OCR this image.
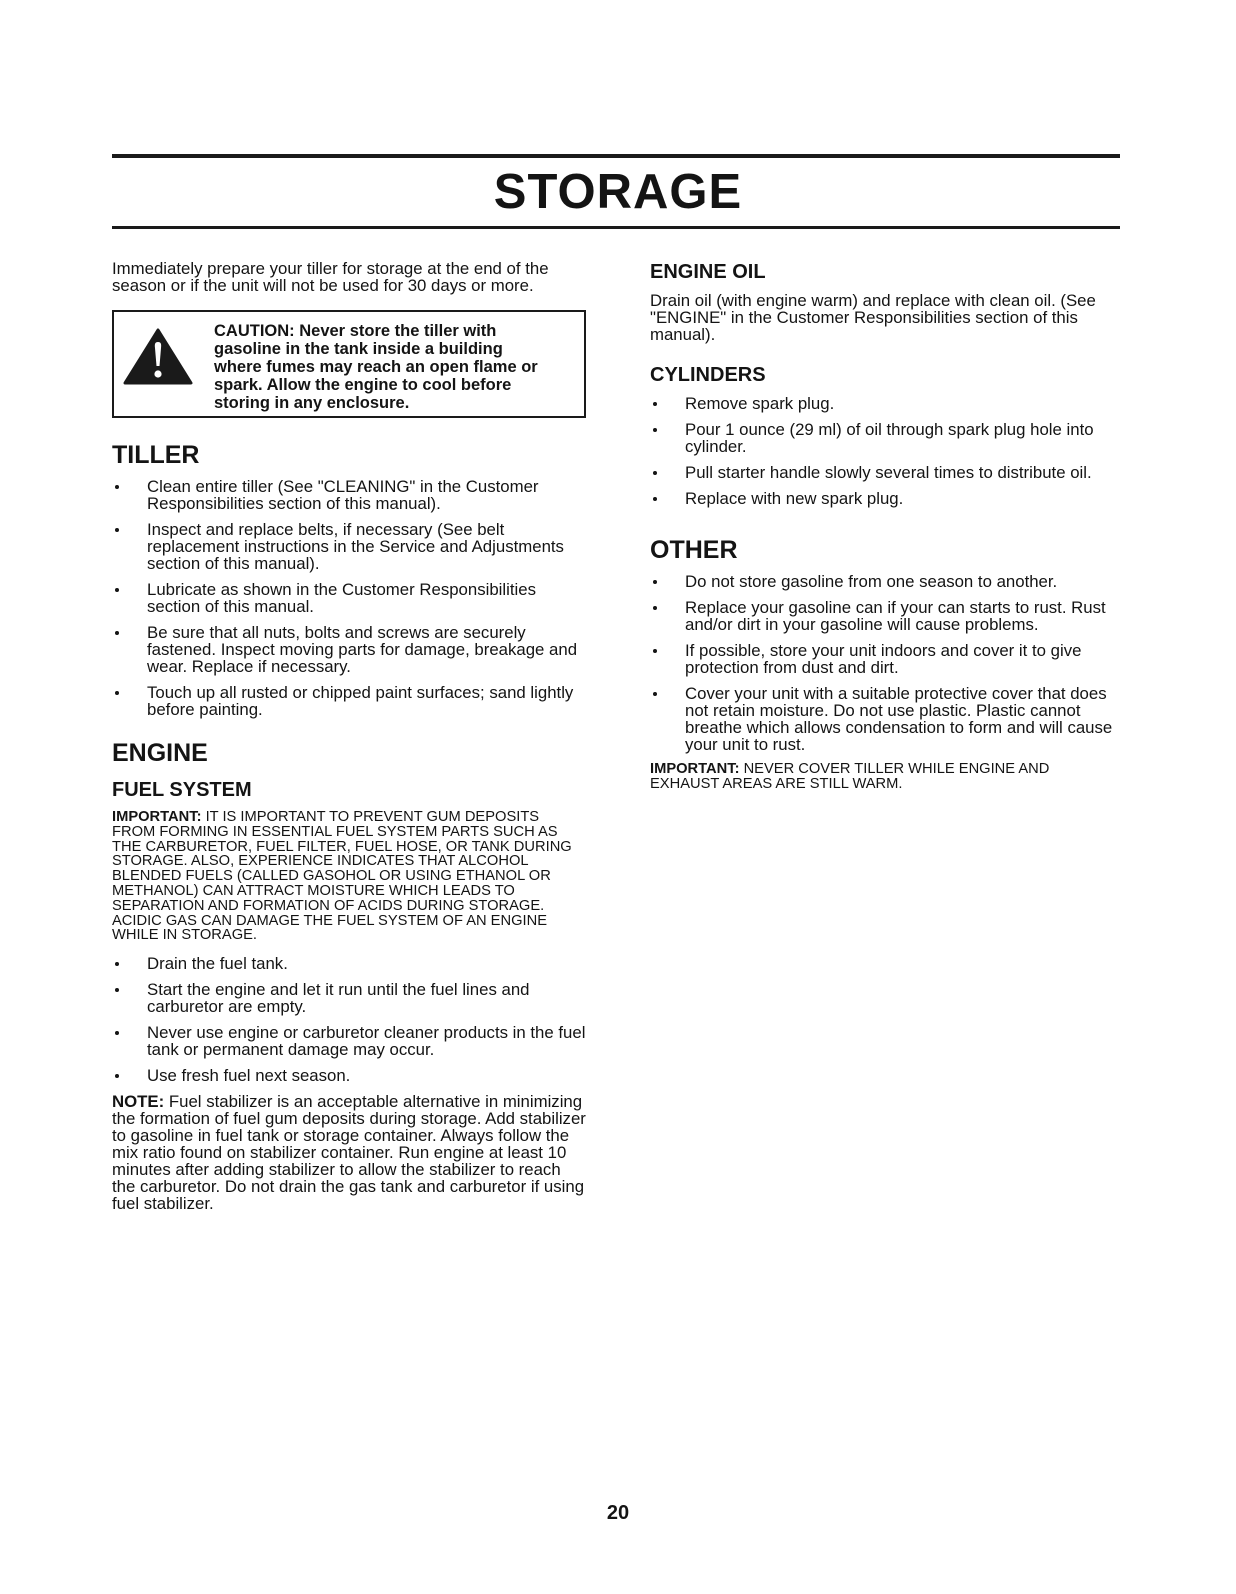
STORAGE

Immediately prepare your tiller for storage at the end of the season or if the unit will not be used for 30 days or more.

CAUTION: Never store the tiller with gasoline in the tank inside a building where fumes may reach an open flame or spark. Allow the engine to cool before storing in any enclosure.
TILLER
Clean entire tiller (See "CLEANING" in the Customer Responsibilities section of this manual).
Inspect and replace belts, if necessary (See belt replacement instructions in the Service and Adjustments section of this manual).
Lubricate as shown in the Customer Responsibilities section of this manual.
Be sure that all nuts, bolts and screws are securely fastened. Inspect moving parts for damage, breakage and wear. Replace if necessary.
Touch up all rusted or chipped paint surfaces; sand lightly before painting.
ENGINE
FUEL SYSTEM

IMPORTANT: IT IS IMPORTANT TO PREVENT GUM DEPOSITS FROM FORMING IN ESSENTIAL FUEL SYSTEM PARTS SUCH AS THE CARBURETOR, FUEL FILTER, FUEL HOSE, OR TANK DURING STORAGE. ALSO, EXPERIENCE INDICATES THAT ALCOHOL BLENDED FUELS (CALLED GASOHOL OR USING ETHANOL OR METHANOL) CAN ATTRACT MOISTURE WHICH LEADS TO SEPARATION AND FORMATION OF ACIDS DURING STORAGE. ACIDIC GAS CAN DAMAGE THE FUEL SYSTEM OF AN ENGINE WHILE IN STORAGE.

Drain the fuel tank.
Start the engine and let it run until the fuel lines and carburetor are empty.
Never use engine or carburetor cleaner products in the fuel tank or permanent damage may occur.
Use fresh fuel next season.

NOTE: Fuel stabilizer is an acceptable alternative in minimizing the formation of fuel gum deposits during storage. Add stabilizer to gasoline in fuel tank or storage container. Always follow the mix ratio found on stabilizer container. Run engine at least 10 minutes after adding stabilizer to allow the stabilizer to reach the carburetor. Do not drain the gas tank and carburetor if using fuel stabilizer.

ENGINE OIL

Drain oil (with engine warm) and replace with clean oil. (See "ENGINE" in the Customer Responsibilities section of this manual).

CYLINDERS
Remove spark plug.
Pour 1 ounce (29 ml) of oil through spark plug hole into cylinder.
Pull starter handle slowly several times to distribute oil.
Replace with new spark plug.
OTHER
Do not store gasoline from one season to another.
Replace your gasoline can if your can starts to rust. Rust and/or dirt in your gasoline will cause problems.
If possible, store your unit indoors and cover it to give protection from dust and dirt.
Cover your unit with a suitable protective cover that does not retain moisture. Do not use plastic. Plastic cannot breathe which allows condensation to form and will cause your unit to rust.

IMPORTANT: NEVER COVER TILLER WHILE ENGINE AND EXHAUST AREAS ARE STILL WARM.

20
